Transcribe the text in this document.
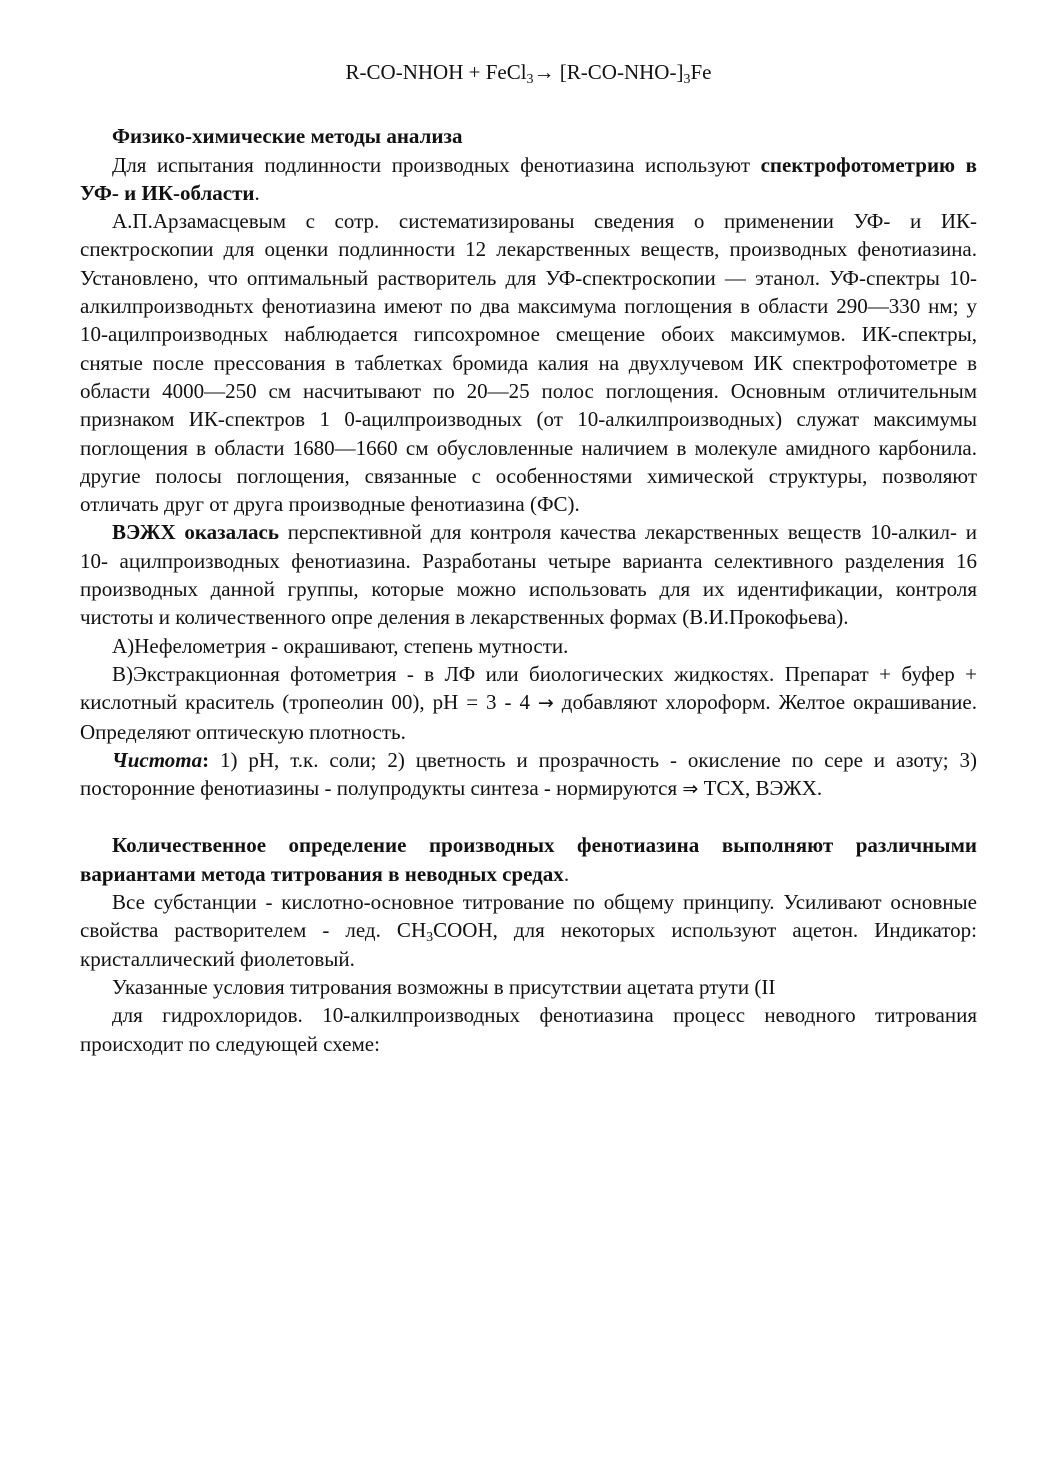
R-CO-NHOH + FeCl$_3$→ $[R-CO-NHO-]_3Fe$

Физико-химические методы анализа

Для испытания подлинности производных фенотиазина используют спектрофотометрию в УФ- и ИК-области.

А.П.Арзамасцевым с сотр. систематизированы сведения о применении УФ- и ИК-спектроскопии для оценки подлинности 12 лекарственных веществ, производных фенотиазина. Установлено, что оптимальный растворитель для УФ-спектроскопии — этанол. УФ-спектры 10-алкилпроизводньтх фенотиазина имеют по два максимума поглощения в области 290—330 нм; у 10-ацилпроизводных наблюдается гипсохромное смещение обоих максимумов. ИК-спектры, снятые после прессования в таблетках бромида калия на двухлучевом ИК спектрофотометре в области 4000—250 см насчитывают по 20—25 полос поглощения. Основным отличительным признаком ИК-спектров 1 0-ацилпроизводных (от 10-алкилпроизводных) служат максимумы поглощения в области 1680—1660 см обусловленные наличием в молекуле амидного карбонила. другие полосы поглощения, связанные с особенностями химической структуры, позволяют отличать друг от друга производные фенотиазина (ФС).

ВЭЖХ оказалась перспективной для контроля качества лекарственных веществ 10-алкил- и 10- ацилпроизводных фенотиазина. Разработаны четыре варианта селективного разделения 16 производных данной группы, которые можно использовать для их идентификации, контроля чистоты и количественного опре деления в лекарственных формах (В.И.Прокофьева).

А)Нефелометрия - окрашивают, степень мутности.

В)Экстракционная фотометрия - в ЛФ или биологических жидкостях. Препарат + буфер + кислотный краситель (тропеолин 00), рН = 3 - 4 → добавляют хлороформ. Желтое окрашивание. Определяют оптическую плотность.

Чистота: 1) рН, т.к. соли; 2) цветность и прозрачность - окисление по сере и азоту; 3) посторонние фенотиазины - полупродукты синтеза - нормируются ⇒ ТСХ, ВЭЖХ.

Количественное определение производных фенотиазина выполняют различными вариантами метода титрования в неводных средах.

Все субстанции - кислотно-основное титрование по общему принципу. Усиливают основные свойства растворителем - лед. $CH_3COOH$, для некоторых используют ацетон. Индикатор: кристаллический фиолетовый.

Указанные условия титрования возможны в присутствии ацетата ртути (II

для гидрохлоридов. 10-алкилпроизводных фенотиазина процесс неводного титрования происходит по следующей схеме:
